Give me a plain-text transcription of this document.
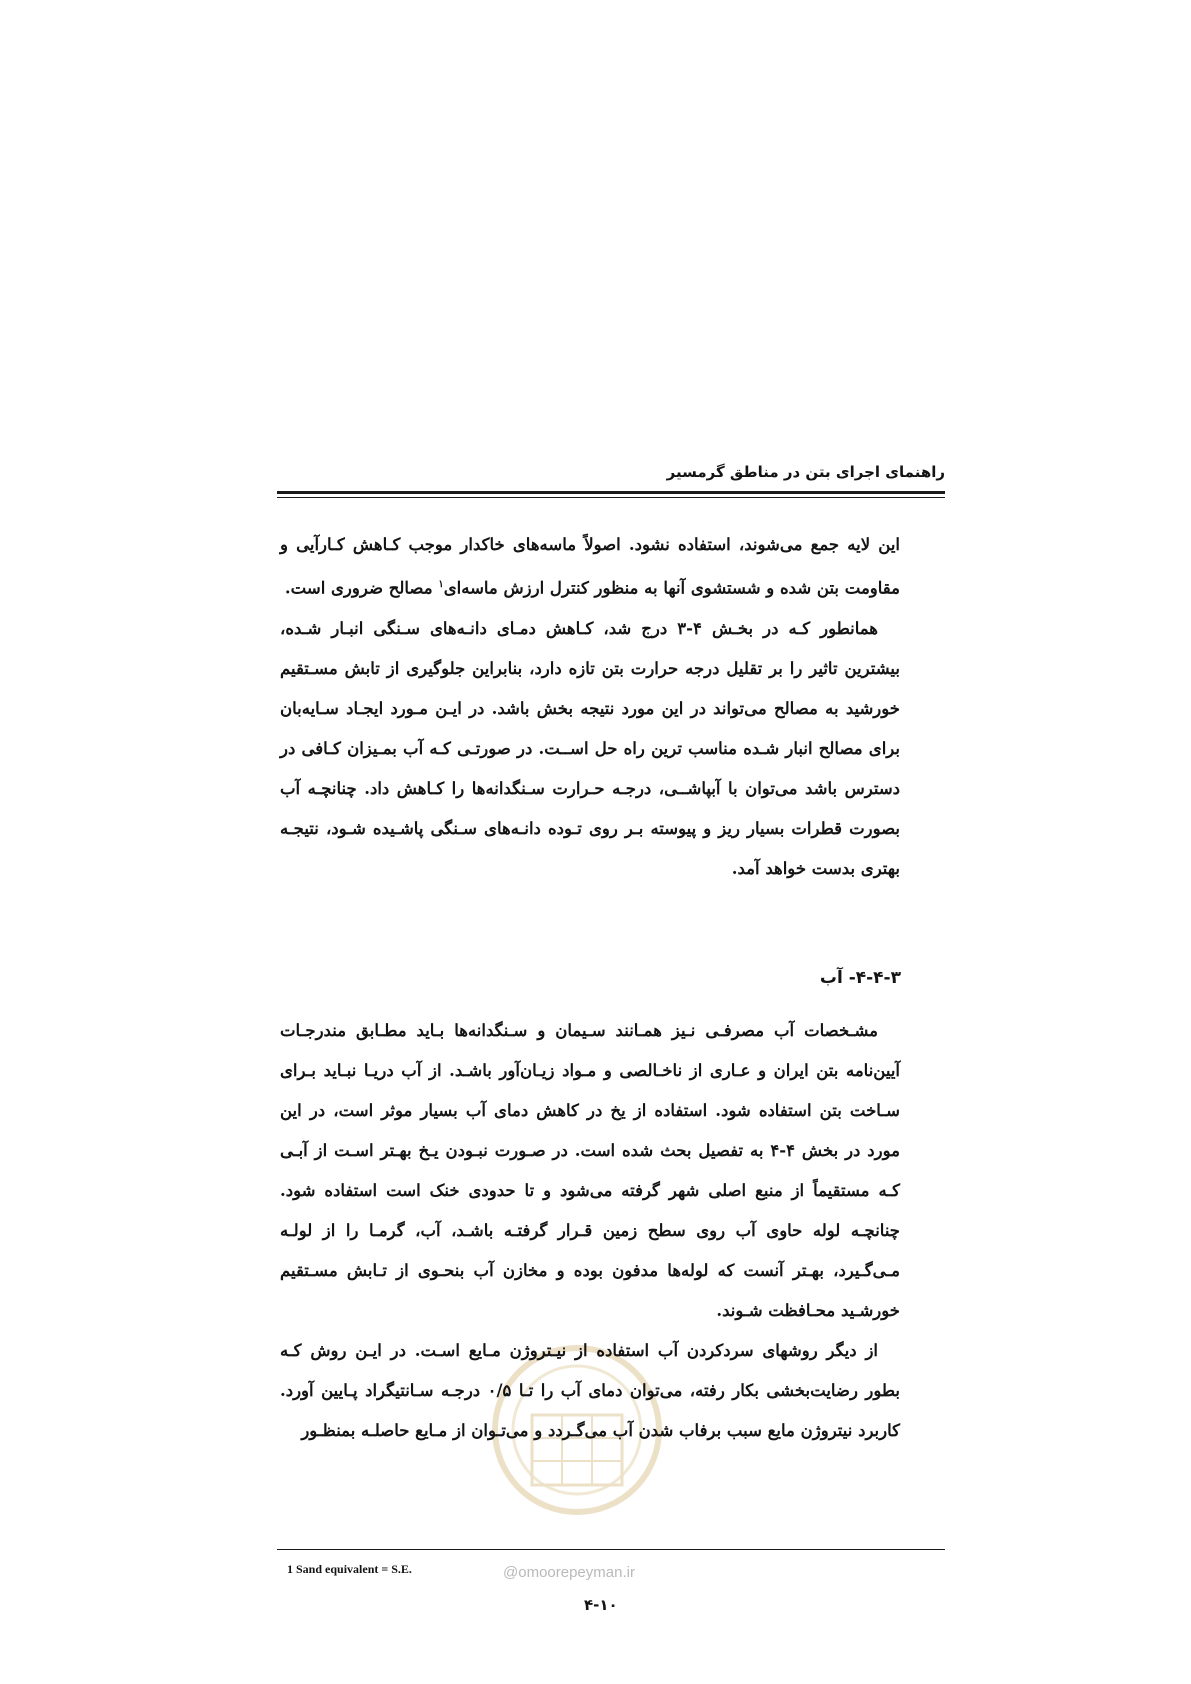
راهنمای اجرای بتن در مناطق گرمسیر

این لایه جمع می‌شوند، استفاده نشود. اصولاً ماسه‌های خاکدار موجب کـاهش کـارآیی و مقاومت بتن شده و شستشوی آنها به منظور کنترل ارزش ماسه‌ای$^۱$ مصالح ضروری است.

همانطور کـه در بخـش ۴-۳ درج شد، کـاهش دمـای دانـه‌های سـنگی انبـار شـده، بیشترین تاثیر را بر تقلیل درجه حرارت بتن تازه دارد، بنابراین جلوگیری از تابش مسـتقیم خورشید به مصالح می‌تواند در این مورد نتیجه بخش باشد. در ایـن مـورد ایجـاد سـایه‌بان برای مصالح انبار شـده مناسب ترین راه حل اســت. در صورتـی کـه آب بمـیزان کـافی در دسترس باشد می‌توان با آبپاشــی، درجـه حـرارت سـنگدانه‌ها را کـاهش داد. چنانچـه آب بصورت قطرات بسیار ریز و پیوسته بـر روی تـوده دانـه‌های سـنگی پاشـیده شـود، نتیجـه بهتری بدست خواهد آمد.

۴-۴-۳- آب

مشـخصات آب مصرفـی نـیز همـانند سـیمان و سـنگدانه‌ها بـاید مطـابق مندرجـات آیین‌نامه بتن ایران و عـاری از ناخـالصی و مـواد زیـان‌آور باشـد. از آب دریـا نبـاید بـرای سـاخت بتن استفاده شود. استفاده از یخ در کاهش دمای آب بسیار موثر است، در این مورد در بخش ۴-۴ به تفصیل بحث شده است. در صـورت نبـودن یـخ بهـتر اسـت از آبـی کـه مستقیماً از منبع اصلی شهر گرفته می‌شود و تا حدودی خنک است استفاده شود. چنانچـه لوله حاوی آب روی سطح زمین قـرار گرفتـه باشـد، آب، گرمـا را از لولـه مـی‌گـیرد، بهـتر آنست که لوله‌ها مدفون بوده و مخازن آب بنحـوی از تـابش مسـتقیم خورشـید محـافظت شـوند.

از دیگر روشهای سردکردن آب استفاده از نیـتروژن مـایع اسـت. در ایـن روش کـه بطور رضایت‌بخشی بکار رفته، می‌توان دمای آب را تـا ۰/۵ درجـه سـانتیگراد پـایین آورد. کاربرد نیتروژن مایع سبب برفاب شدن آب می‌گـردد و می‌تـوان از مـایع حاصلـه بمنظـور

1 Sand equivalent = S.E.	@omoorepeyman.ir
۴-۱۰
